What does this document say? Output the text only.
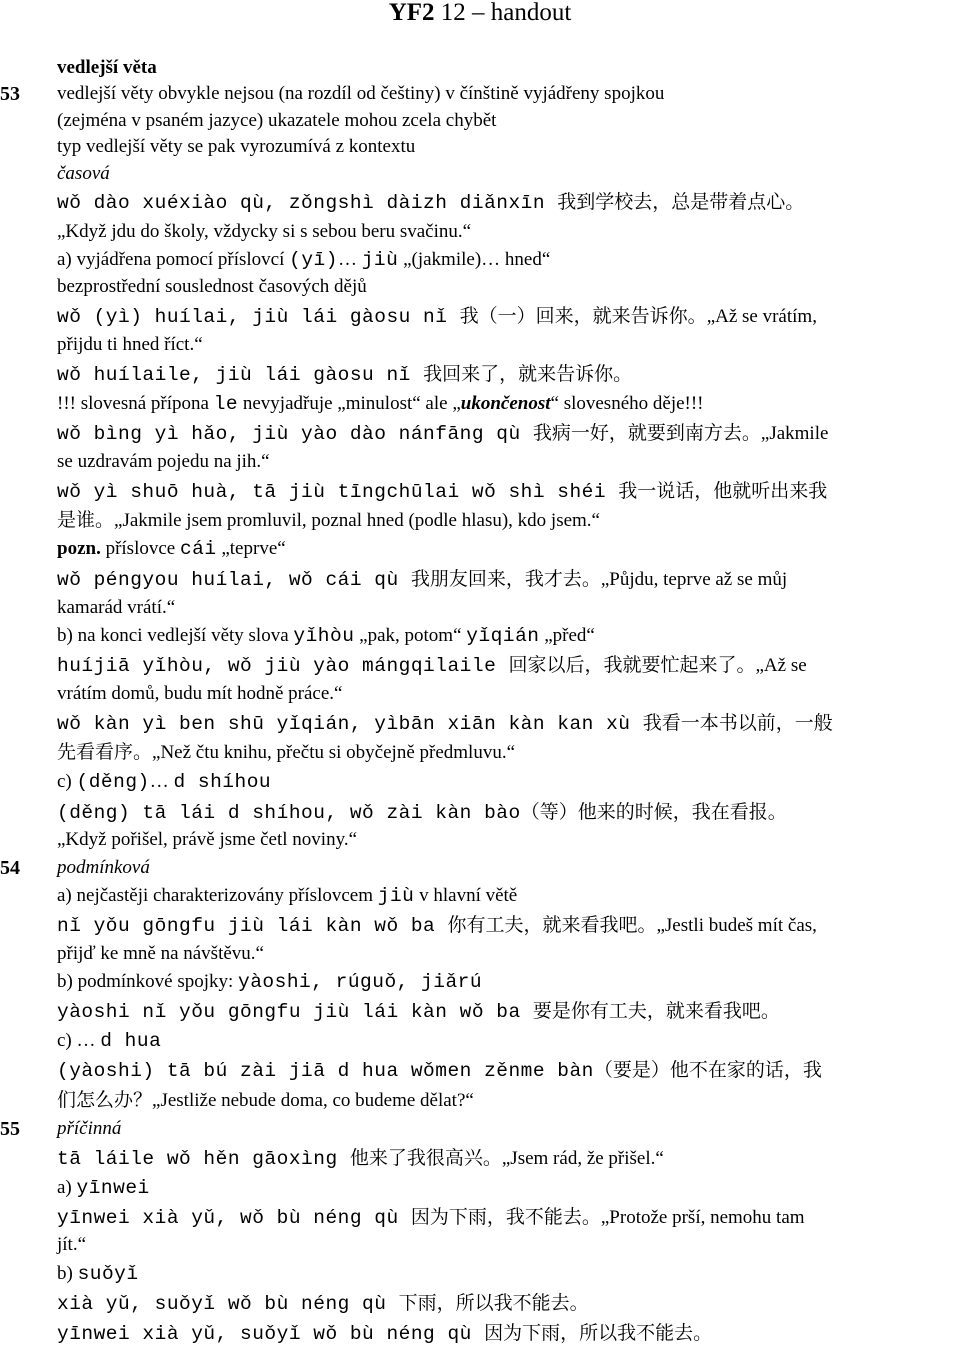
YF2 12 – handout
53
54
55
vedlejší věta
vedlejší věty obvykle nejsou (na rozdíl od češtiny) v čínštině vyjádřeny spojkou
(zejména v psaném jazyce) ukazatele mohou zcela chybět
typ vedlejší věty se pak vyrozumívá z kontextu
časová
wǒ dào xuéxiào qù, zǒngshì dàizh diǎnxīn 我到学校去，总是带着点心。
„Když jdu do školy, vždycky si s sebou beru svačinu.“
a) vyjádřena pomocí příslovcí (yī)… jiù „(jakmile)… hned“
bezprostřední souslednost časových dějů
wǒ (yì) huílai, jiù lái gàosu nǐ 我（一）回来，就来告诉你。„Až se vrátím,
přijdu ti hned říct.“
wǒ huílaile, jiù lái gàosu nǐ 我回来了，就来告诉你。
!!! slovesná přípona le nevyjadřuje „minulost“ ale „ukončenost“ slovesného děje!!!
wǒ bìng yì hǎo, jiù yào dào nánfāng qù 我病一好，就要到南方去。„Jakmile
se uzdravám pojedu na jih.“
wǒ yì shuō huà, tā jiù tīngchūlai wǒ shì shéi 我一说话，他就听出来我
是谁。„Jakmile jsem promluvil, poznal hned (podle hlasu), kdo jsem.“
pozn. příslovce cái „teprve“
wǒ péngyou huílai, wǒ cái qù 我朋友回来，我才去。„Půjdu, teprve až se můj
kamarád vrátí.“
b) na konci vedlejší věty slova yǐhòu „pak, potom“ yǐqián „před“
huíjiā yǐhòu, wǒ jiù yào mángqilaile 回家以后，我就要忙起来了。„Až se
vrátím domů, budu mít hodně práce.“
wǒ kàn yì ben shū yǐqián, yìbān xiān kàn kan xù 我看一本书以前，一般
先看看序。„Než čtu knihu, přečtu si obyčejně předmluvu.“
c) (děng)… d shíhou
(děng) tā lái d shíhou, wǒ zài kàn bào（等）他来的时候，我在看报。
„Když pořišel, právě jsme četl noviny.“
podmínková
a) nejčastěji charakterizovány příslovcem jiù v hlavní větě
nǐ yǒu gōngfu jiù lái kàn wǒ ba 你有工夫，就来看我吧。„Jestli budeš mít čas,
přijď ke mně na návštěvu.“
b) podmínkové spojky: yàoshi, rúguǒ, jiǎrú
yàoshi nǐ yǒu gōngfu jiù lái kàn wǒ ba 要是你有工夫，就来看我吧。
c) … d hua
(yàoshi) tā bú zài jiā d hua wǒmen zěnme bàn（要是）他不在家的话，我
们怎么办？„Jestliže nebude doma, co budeme dělat?“
příčinná
tā láile wǒ hěn gāoxìng 他来了我很高兴。„Jsem rád, že přišel.“
a) yīnwei
yīnwei xià yǔ, wǒ bù néng qù 因为下雨，我不能去。„Protože prší, nemohu tam
jít.“
b) suǒyǐ
xià yǔ, suǒyǐ wǒ bù néng qù 下雨，所以我不能去。
yīnwei xià yǔ, suǒyǐ wǒ bù néng qù 因为下雨，所以我不能去。
